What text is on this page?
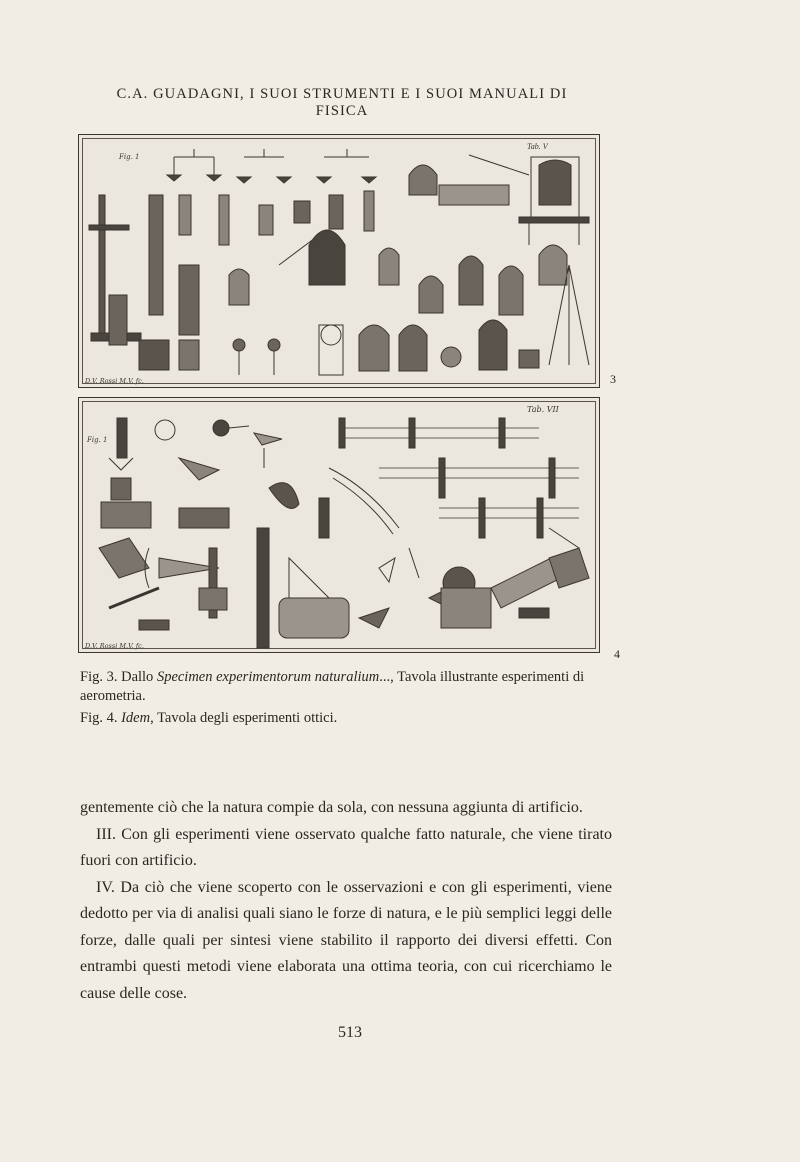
C.A. GUADAGNI, I SUOI STRUMENTI E I SUOI MANUALI DI FISICA
Tab. V
Fig. 1
D.V. Rossi M.V. fc.	3
Tab. VII
Fig. 1
D.V. Rossi M.V. fc.
4
Fig. 3. Dallo Specimen experimentorum naturalium..., Tavola illustrante esperimenti di aerometria.
Fig. 4. Idem, Tavola degli esperimenti ottici.

gentemente ciò che la natura compie da sola, con nessuna aggiunta di artificio.

III. Con gli esperimenti viene osservato qualche fatto naturale, che viene tirato fuori con artificio.

IV. Da ciò che viene scoperto con le osservazioni e con gli esperimenti, viene dedotto per via di analisi quali siano le forze di natura, e le più semplici leggi delle forze, dalle quali per sintesi viene stabilito il rapporto dei diversi effetti. Con entrambi questi metodi viene elaborata una ottima teoria, con cui ricerchiamo le cause delle cose.

513
